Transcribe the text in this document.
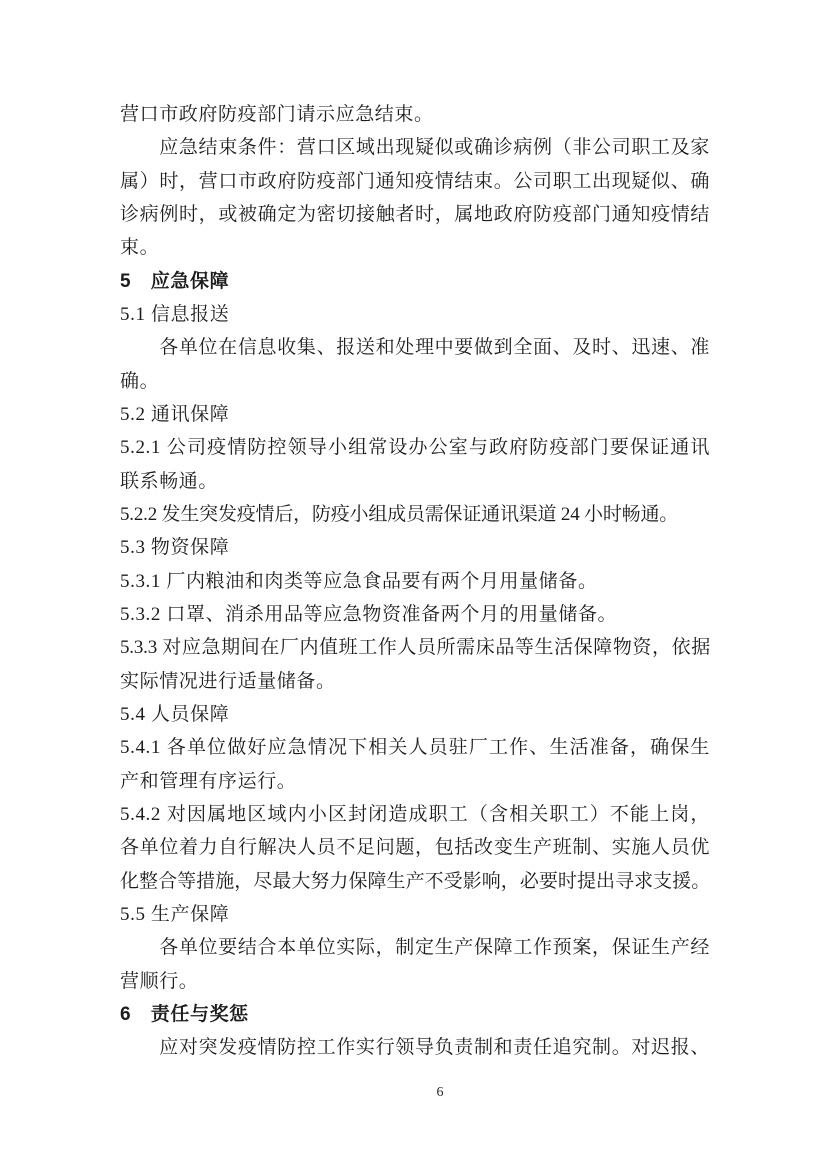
营口市政府防疫部门请示应急结束。
应急结束条件：营口区域出现疑似或确诊病例（非公司职工及家
属）时，营口市政府防疫部门通知疫情结束。公司职工出现疑似、确
诊病例时，或被确定为密切接触者时，属地政府防疫部门通知疫情结
束。
5　应急保障
5.1 信息报送
各单位在信息收集、报送和处理中要做到全面、及时、迅速、准
确。
5.2 通讯保障
5.2.1 公司疫情防控领导小组常设办公室与政府防疫部门要保证通讯
联系畅通。
5.2.2 发生突发疫情后，防疫小组成员需保证通讯渠道 24 小时畅通。
5.3 物资保障
5.3.1 厂内粮油和肉类等应急食品要有两个月用量储备。
5.3.2 口罩、消杀用品等应急物资准备两个月的用量储备。
5.3.3 对应急期间在厂内值班工作人员所需床品等生活保障物资，依据
实际情况进行适量储备。
5.4 人员保障
5.4.1 各单位做好应急情况下相关人员驻厂工作、生活准备，确保生
产和管理有序运行。
5.4.2 对因属地区域内小区封闭造成职工（含相关职工）不能上岗，
各单位着力自行解决人员不足问题，包括改变生产班制、实施人员优
化整合等措施，尽最大努力保障生产不受影响，必要时提出寻求支援。
5.5 生产保障
各单位要结合本单位实际，制定生产保障工作预案，保证生产经
营顺行。
6　责任与奖惩
应对突发疫情防控工作实行领导负责制和责任追究制。对迟报、
6
